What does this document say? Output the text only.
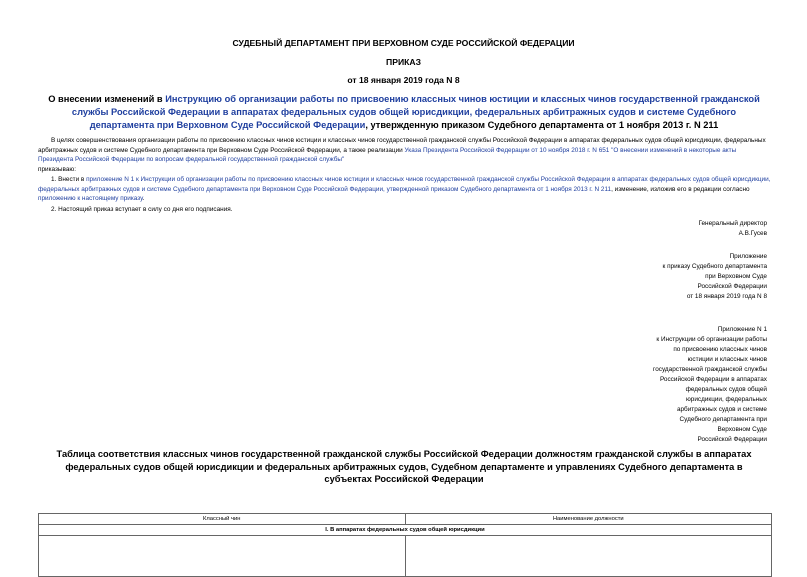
СУДЕБНЫЙ ДЕПАРТАМЕНТ ПРИ ВЕРХОВНОМ СУДЕ РОССИЙСКОЙ ФЕДЕРАЦИИ
ПРИКАЗ
от 18 января 2019 года N 8
О внесении изменений в Инструкцию об организации работы по присвоению классных чинов юстиции и классных чинов государственной гражданской службы Российской Федерации в аппаратах федеральных судов общей юрисдикции, федеральных арбитражных судов и системе Судебного департамента при Верховном Суде Российской Федерации, утвержденную приказом Судебного департамента от 1 ноября 2013 г. N 211
В целях совершенствования организации работы по присвоению классных чинов юстиции и классных чинов государственной гражданской службы Российской Федерации в аппаратах федеральных судов общей юрисдикции, федеральных арбитражных судов и системе Судебного департамента при Верховном Суде Российской Федерации, а также реализации Указа Президента Российской Федерации от 10 ноября 2018 г. N 651 "О внесении изменений в некоторые акты Президента Российской Федерации по вопросам федеральной государственной гражданской службы"
приказываю:
1. Внести в приложение N 1 к Инструкции об организации работы по присвоению классных чинов юстиции и классных чинов государственной гражданской службы Российской Федерации в аппаратах федеральных судов общей юрисдикции, федеральных арбитражных судов и системе Судебного департамента при Верховном Суде Российской Федерации, утвержденной приказом Судебного департамента от 1 ноября 2013 г. N 211, изменение, изложив его в редакции согласно приложению к настоящему приказу.
2. Настоящий приказ вступает в силу со дня его подписания.
Генеральный директор
А.В.Гусев
Приложение
к приказу Судебного департамента
при Верховном Суде
Российской Федерации
от 18 января 2019 года N 8
Приложение N 1
к Инструкции об организации работы
по присвоению классных чинов
юстиции и классных чинов
государственной гражданской службы
Российской Федерации в аппаратах
федеральных судов общей
юрисдикции, федеральных
арбитражных судов и системе
Судебного департамента при
Верховном Суде
Российской Федерации
Таблица соответствия классных чинов государственной гражданской службы Российской Федерации должностям гражданской службы в аппаратах федеральных судов общей юрисдикции и федеральных арбитражных судов, Судебном департаменте и управлениях Судебного департамента в субъектах Российской Федерации
Классный чин	Наименование должности
I. В аппаратах федеральных судов общей юрисдикции	
